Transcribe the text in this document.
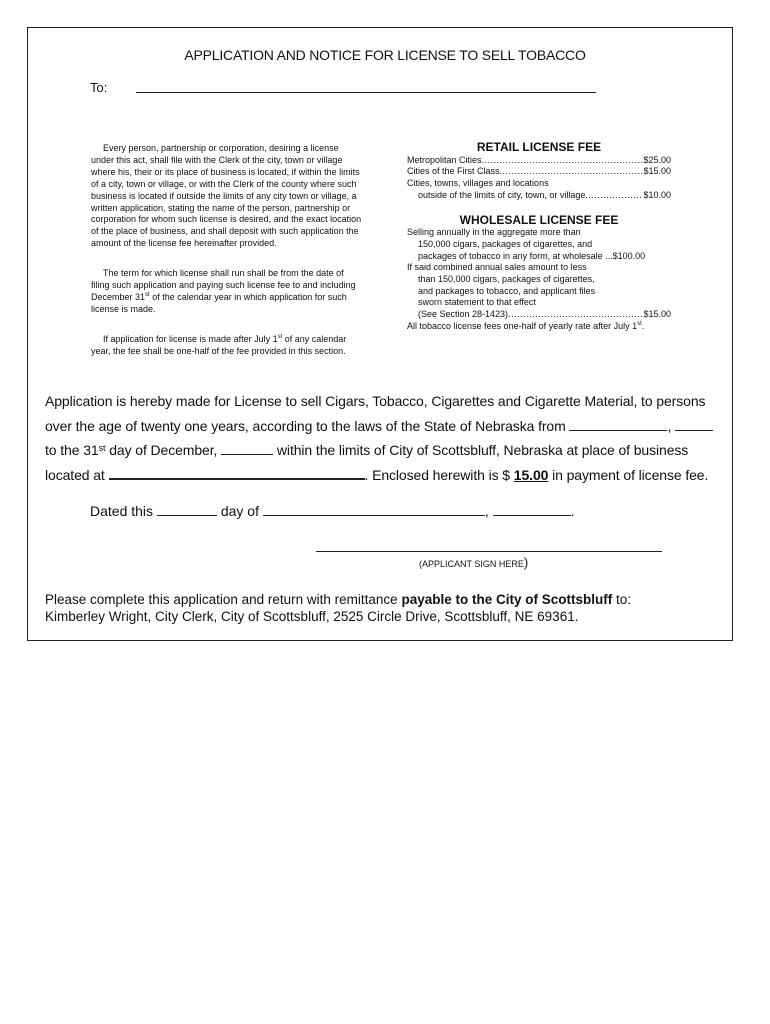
APPLICATION AND NOTICE FOR LICENSE TO SELL TOBACCO
To:

Every person, partnership or corporation, desiring a license under this act, shall file with the Clerk of the city, town or village where his, their or its place of business is located, if within the limits of a city, town or village, or with the Clerk of the county where such business is located if outside the limits of any city town or village, a written application, stating the name of the person, partnership or corporation for whom such license is desired, and the exact location of the place of business, and shall deposit with such application the amount of the license fee hereinafter provided.

The term for which license shall run shall be from the date of filing such application and paying such license fee to and including December 31st of the calendar year in which application for such license is made.

If application for license is made after July 1st of any calendar year, the fee shall be one-half of the fee provided in this section.

RETAIL LICENSE FEE

Metropolitan Cities .....	$25.00
Cities of the First Class .....	$15.00
Cities, towns, villages and locations
outside of the limits of city, town, or village .....	$10.00

WHOLESALE LICENSE FEE

Selling annually in the aggregate more than
150,000 cigars, packages of cigarettes, and
packages of tobacco in any form, at wholesale ...$100.00
If said combined annual sales amount to less
than 150,000 cigars, packages of cigarettes,
and packages to tobacco, and applicant files
sworn statement to that effect
(See Section 28-1423) .....	$15.00
All tobacco license fees one-half of yearly rate after July 1st.
Application is hereby made for License to sell Cigars, Tobacco, Cigarettes and Cigarette Material, to persons
over the age of twenty one years, according to the laws of the State of Nebraska from	,
to the 31st day of December,	within the limits of City of Scottsbluff, Nebraska at place of business
located at	. Enclosed herewith is $ 15.00 in payment of license fee.
Dated this	day of	,	.
(APPLICANT SIGN HERE)
Please complete this application and return with remittance payable to the City of Scottsbluff to:
Kimberley Wright, City Clerk, City of Scottsbluff, 2525 Circle Drive, Scottsbluff, NE 69361.
